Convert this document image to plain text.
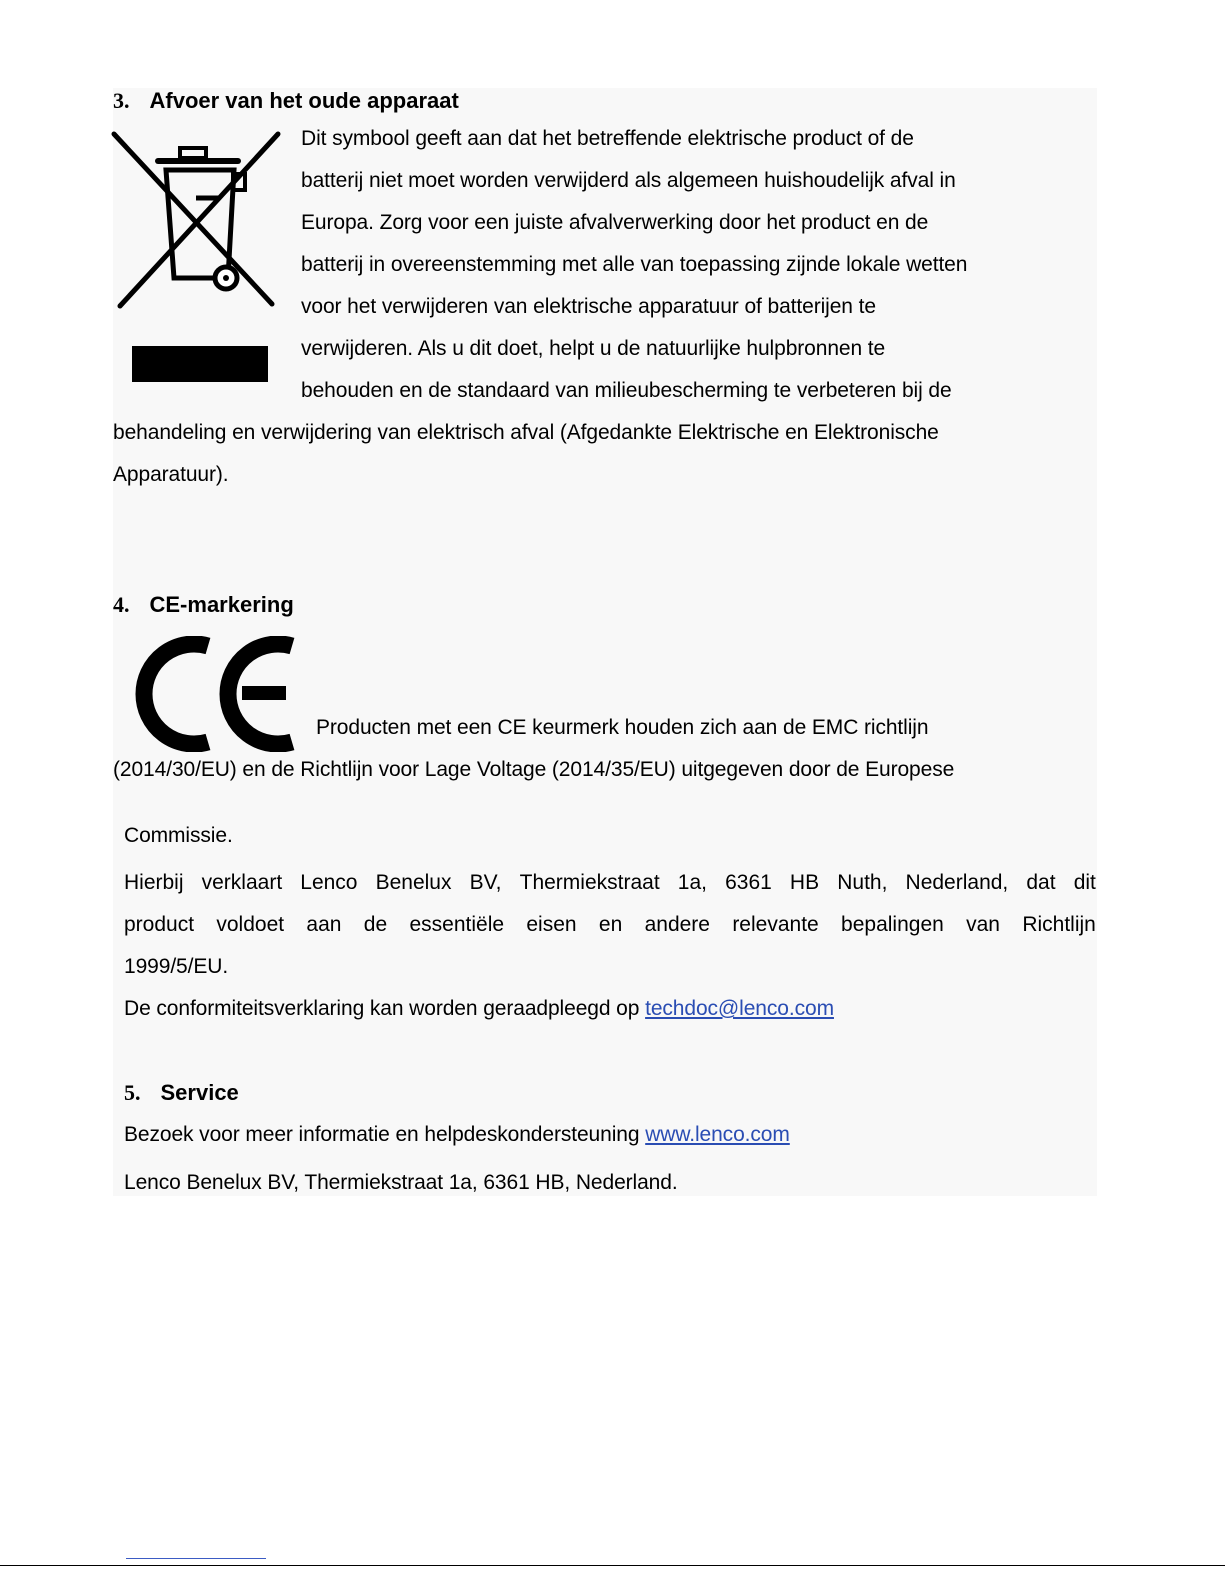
3. Afvoer van het oude apparaat
Dit symbool geeft aan dat het betreffende elektrische product of de
batterij niet moet worden verwijderd als algemeen huishoudelijk afval in
Europa. Zorg voor een juiste afvalverwerking door het product en de
batterij in overeenstemming met alle van toepassing zijnde lokale wetten
voor het verwijderen van elektrische apparatuur of batterijen te
verwijderen. Als u dit doet, helpt u de natuurlijke hulpbronnen te
behouden en de standaard van milieubescherming te verbeteren bij de
behandeling en verwijdering van elektrisch afval (Afgedankte Elektrische en Elektronische
Apparatuur).
4. CE-markering
Producten met een CE keurmerk houden zich aan de EMC richtlijn
(2014/30/EU) en de Richtlijn voor Lage Voltage (2014/35/EU) uitgegeven door de Europese
Commissie.
Hierbij verklaart Lenco Benelux BV, Thermiekstraat 1a, 6361 HB Nuth, Nederland, dat dit
product voldoet aan de essentiële eisen en andere relevante bepalingen van Richtlijn
1999/5/EU.
De conformiteitsverklaring kan worden geraadpleegd op techdoc@lenco.com
5. Service
Bezoek voor meer informatie en helpdeskondersteuning www.lenco.com
Lenco Benelux BV, Thermiekstraat 1a, 6361 HB, Nederland.
